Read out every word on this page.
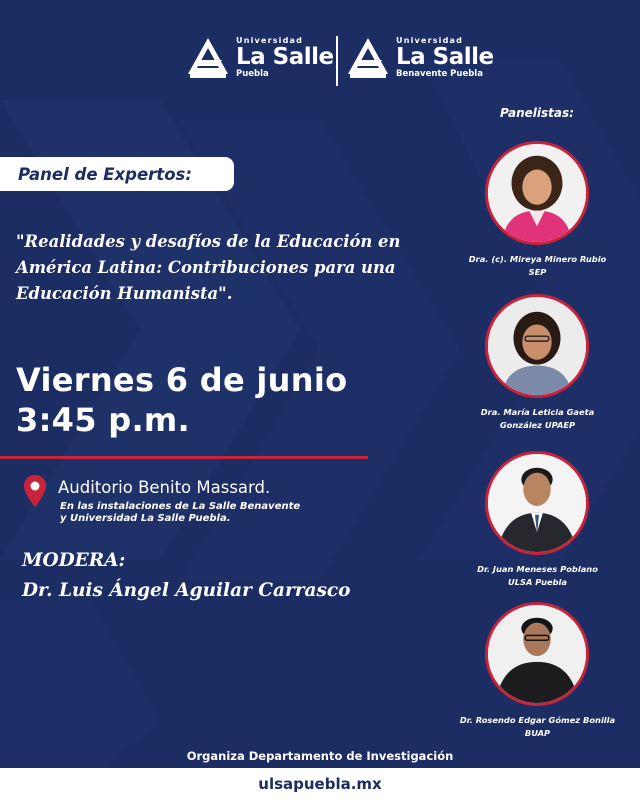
Universidad
La Salle
Puebla
Universidad
La Salle
Benavente Puebla
Panelistas:
Panel de Expertos:
"Realidades y desafíos de la Educación en América Latina: Contribuciones para una Educación Humanista".
Viernes 6 de junio
3:45 p.m.
Auditorio Benito Massard.
En las instalaciones de La Salle Benavente
y Universidad La Salle Puebla.
MODERA:
Dr. Luis Ángel Aguilar Carrasco
Dra. (c). Mireya Minero Rubio
SEP
Dra. María Leticia Gaeta
González UPAEP
Dr. Juan Meneses Poblano
ULSA Puebla
Dr. Rosendo Edgar Gómez Bonilla
BUAP
Organiza Departamento de Investigación
ulsapuebla.mx
